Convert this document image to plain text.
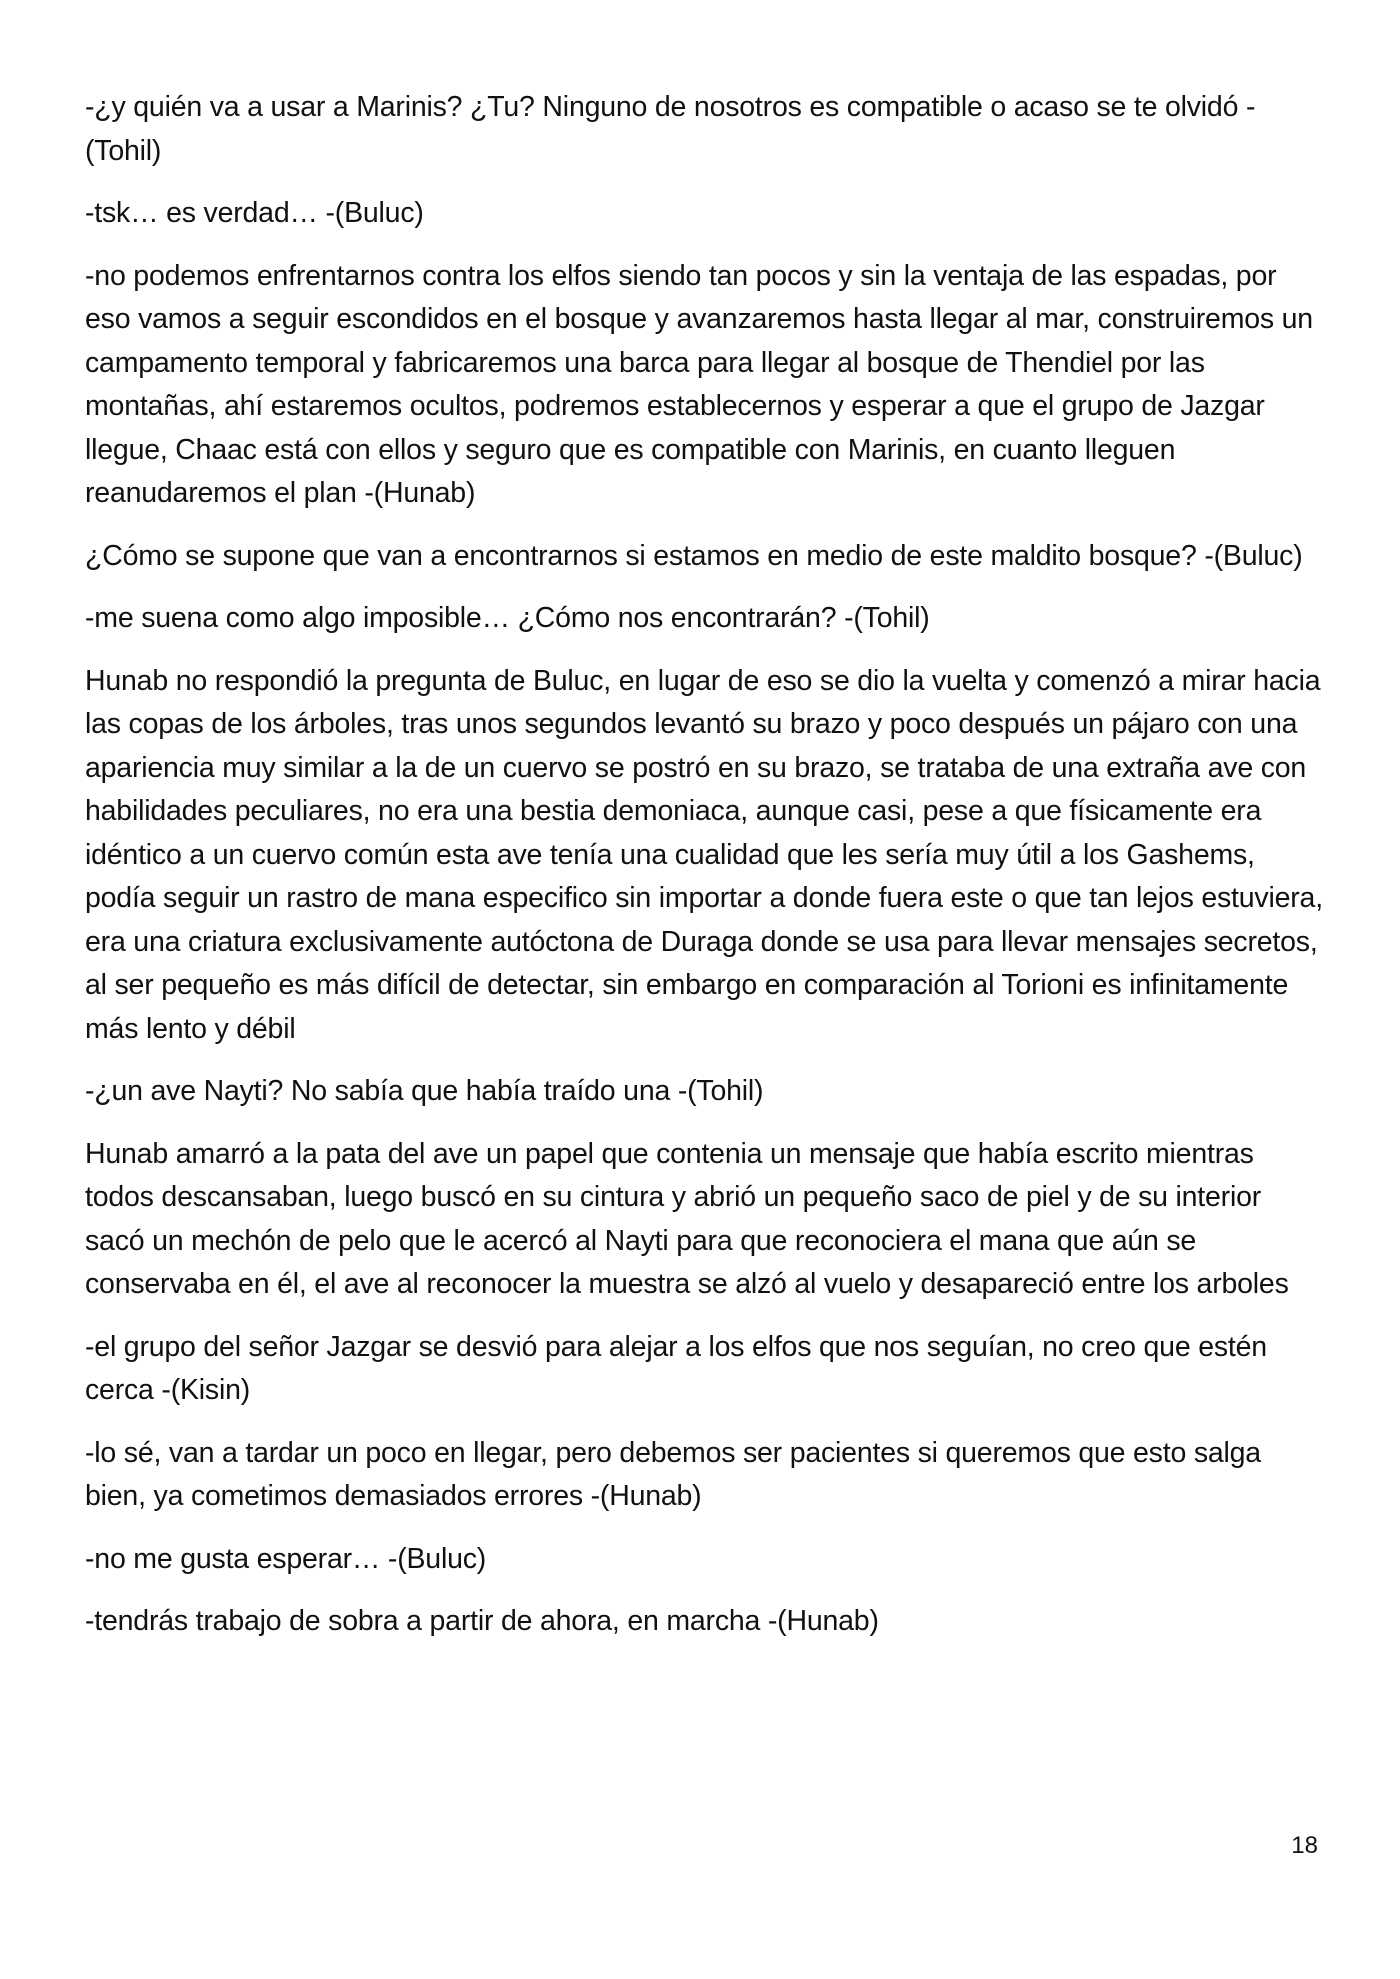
-¿y quién va a usar a Marinis? ¿Tu? Ninguno de nosotros es compatible o acaso se te olvidó -(Tohil)

-tsk… es verdad… -(Buluc)

-no podemos enfrentarnos contra los elfos siendo tan pocos y sin la ventaja de las espadas, por eso vamos a seguir escondidos en el bosque y avanzaremos hasta llegar al mar, construiremos un campamento temporal y fabricaremos una barca para llegar al bosque de Thendiel por las montañas, ahí estaremos ocultos, podremos establecernos y esperar a que el grupo de Jazgar llegue, Chaac está con ellos y seguro que es compatible con Marinis, en cuanto lleguen reanudaremos el plan -(Hunab)

¿Cómo se supone que van a encontrarnos si estamos en medio de este maldito bosque? -(Buluc)

-me suena como algo imposible… ¿Cómo nos encontrarán? -(Tohil)

Hunab no respondió la pregunta de Buluc, en lugar de eso se dio la vuelta y comenzó a mirar hacia las copas de los árboles, tras unos segundos levantó su brazo y poco después un pájaro con una apariencia muy similar a la de un cuervo se postró en su brazo, se trataba de una extraña ave con habilidades peculiares, no era una bestia demoniaca, aunque casi, pese a que físicamente era idéntico a un cuervo común esta ave tenía una cualidad que les sería muy útil a los Gashems, podía seguir un rastro de mana especifico sin importar a donde fuera este o que tan lejos estuviera, era una criatura exclusivamente autóctona de Duraga donde se usa para llevar mensajes secretos, al ser pequeño es más difícil de detectar, sin embargo en comparación al Torioni es infinitamente más lento y débil

-¿un ave Nayti? No sabía que había traído una -(Tohil)

Hunab amarró a la pata del ave un papel que contenia un mensaje que había escrito mientras todos descansaban, luego buscó en su cintura y abrió un pequeño saco de piel y de su interior sacó un mechón de pelo que le acercó al Nayti para que reconociera el mana que aún se conservaba en él, el ave al reconocer la muestra se alzó al vuelo y desapareció entre los arboles

-el grupo del señor Jazgar se desvió para alejar a los elfos que nos seguían, no creo que estén cerca -(Kisin)

-lo sé, van a tardar un poco en llegar, pero debemos ser pacientes si queremos que esto salga bien, ya cometimos demasiados errores -(Hunab)

-no me gusta esperar… -(Buluc)

-tendrás trabajo de sobra a partir de ahora, en marcha -(Hunab)

18
